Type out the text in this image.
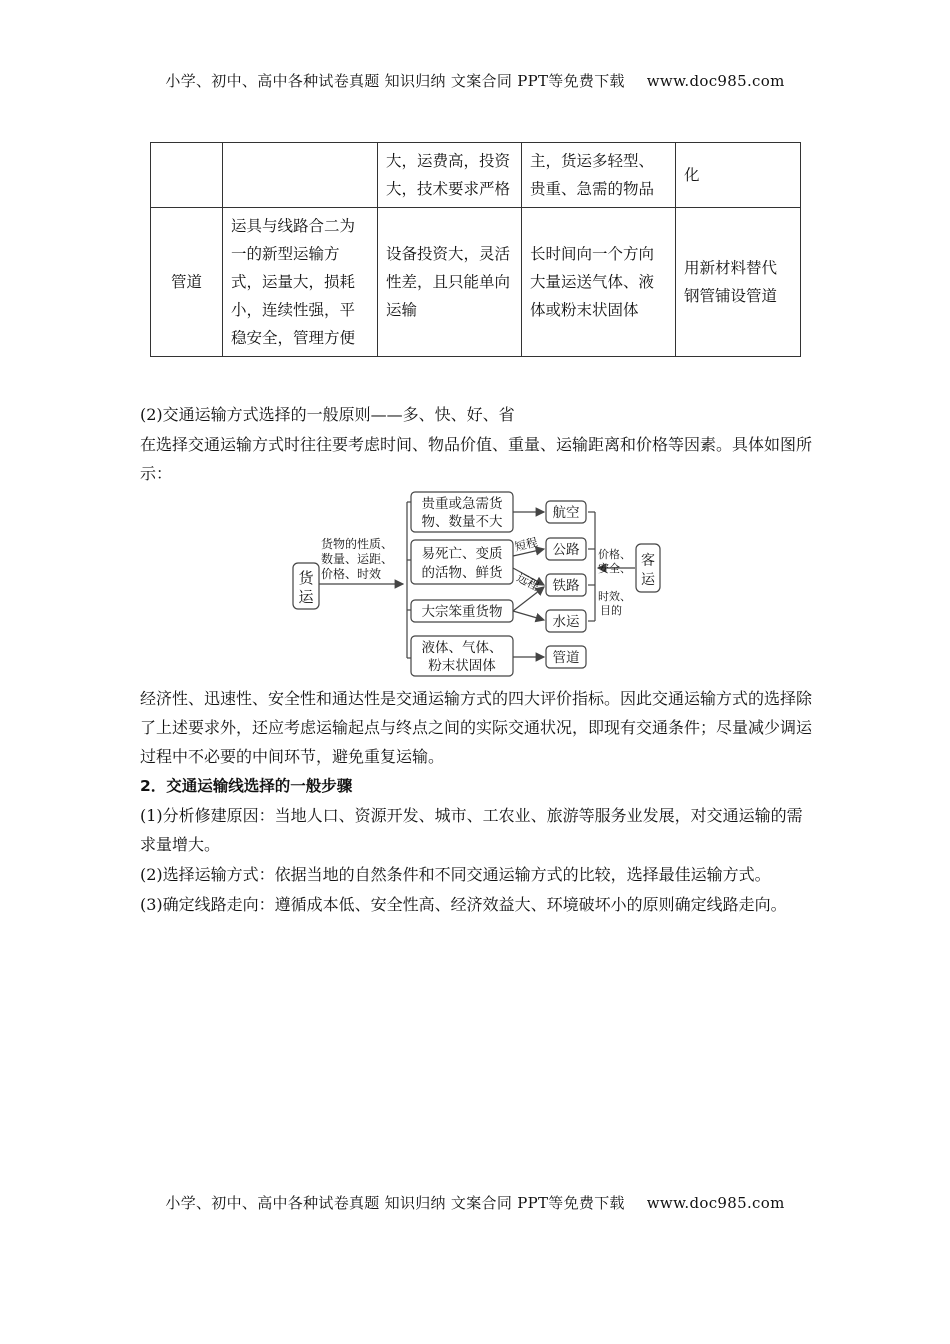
小学、初中、高中各种试卷真题 知识归纳 文案合同 PPT等免费下载 www.doc985.com
		大，运费高，投资大，技术要求严格	主，货运多轻型、贵重、急需的物品	化
管道	运具与线路合二为一的新型运输方式，运量大，损耗小，连续性强，平稳安全，管理方便	设备投资大，灵活性差，且只能单向运输	长时间向一个方向大量运送气体、液体或粉末状固体	用新材料替代钢管铺设管道

(2)交通运输方式选择的一般原则——多、快、好、省

在选择交通运输方式时往往要考虑时间、物品价值、重量、运输距离和价格等因素。具体如图所示：

货
运
货物的性质、
数量、运距、
价格、时效
贵重或急需货
物、数量不大
易死亡、变质
的活物、鲜货
大宗笨重货物
液体、气体、
粉末状固体
短程
远程
航空
公路
铁路
水运
管道
价格、
安全、
时效、
目的
客
运

经济性、迅速性、安全性和通达性是交通运输方式的四大评价指标。因此交通运输方式的选择除了上述要求外，还应考虑运输起点与终点之间的实际交通状况，即现有交通条件；尽量减少调运过程中不必要的中间环节，避免重复运输。

2．交通运输线选择的一般步骤

(1)分析修建原因：当地人口、资源开发、城市、工农业、旅游等服务业发展，对交通运输的需求量增大。

(2)选择运输方式：依据当地的自然条件和不同交通运输方式的比较，选择最佳运输方式。

(3)确定线路走向：遵循成本低、安全性高、经济效益大、环境破坏小的原则确定线路走向。

小学、初中、高中各种试卷真题 知识归纳 文案合同 PPT等免费下载 www.doc985.com
